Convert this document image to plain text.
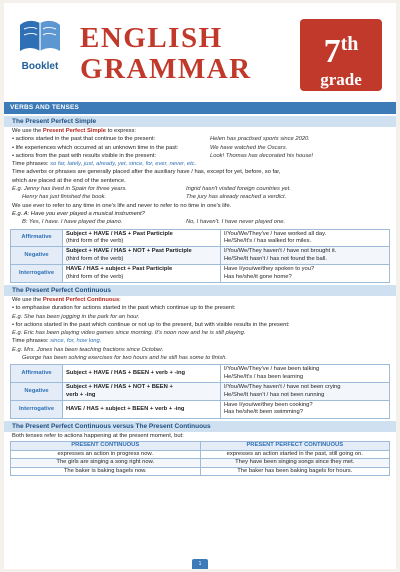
Booklet
ENGLISH
GRAMMAR	7th
grade
VERBS AND TENSES
The Present Perfect Simple
We use the Present Perfect Simple to express:
• actions started in the past that continue to the present:	Helen has practised sports since 2020.
• life experiences which occurred at an unknown time in the past:	We have watched the Oscars.
• actions from the past with results visible in the present:	Look! Thomas has decorated his house!
Time phrases: so far, lately, just, already, yet, since, for, ever, never, etc.
Time adverbs or phrases are generally placed after the auxiliary have / has, except for yet, before, so far,
which are placed at the end of the sentence.
E.g. Jenny has lived in Spain for three years.	Ingrid hasn't visited foreign countries yet.
Henry has just finished the book.	The jury has already reached a verdict.
We use ever to refer to any time in one's life and never to refer to no time in one's life.
E.g. A: Have you ever played a musical instrument?
B: Yes, I have. I have played the piano.	No, I haven't. I have never played one.
Affirmative	Subject + HAVE / HAS + Past Participle
(third form of the verb)	I/You/We/They've / have worked all day.
He/She/It's / has walked for miles.
Negative	Subject + HAVE / HAS + NOT + Past Participle
(third form of the verb)	I/You/We/They haven't / have not brought it.
He/She/It hasn't / has not found the ball.
Interrogative	HAVE / HAS + subject + Past Participle
(third form of the verb)	Have I/you/we/they spoken to you?
Has he/she/it gone home?
The Present Perfect Continuous
We use the Present Perfect Continuous:
• to emphasise duration for actions started in the past which continue up to the present:
E.g. She has been jogging in the park for an hour.
• for actions started in the past which continue or not up to the present, but with visible results in the present:
E.g. Eric has been playing video games since morning. It's noon now and he is still playing.
Time phrases: since, for, how long.
E.g. Mrs. Jones has been teaching fractions since October.
George has been solving exercises for two hours and he still has some to finish.
Affirmative	Subject + HAVE / HAS + BEEN + verb + -ing	I/You/We/They've / have been talking
He/She/It's / has been learning
Negative	Subject + HAVE / HAS + NOT + BEEN +
verb + -ing	I/You/We/They haven't / have not been crying
He/She/It hasn't / has not been running
Interrogative	HAVE / HAS + subject + BEEN + verb + -ing	Have I/you/we/they been cooking?
Has he/she/it been swimming?
The Present Perfect Continuous versus The Present Continuous
Both tenses refer to actions happening at the present moment, but:
PRESENT CONTINUOUS	PRESENT PERFECT CONTINUOUS
expresses an action in progress now.	expresses an action started in the past, still going on.
The girls are singing a song right now.	They have been singing songs since they met.
The baker is baking bagels now.	The baker has been baking bagels for hours.
1
